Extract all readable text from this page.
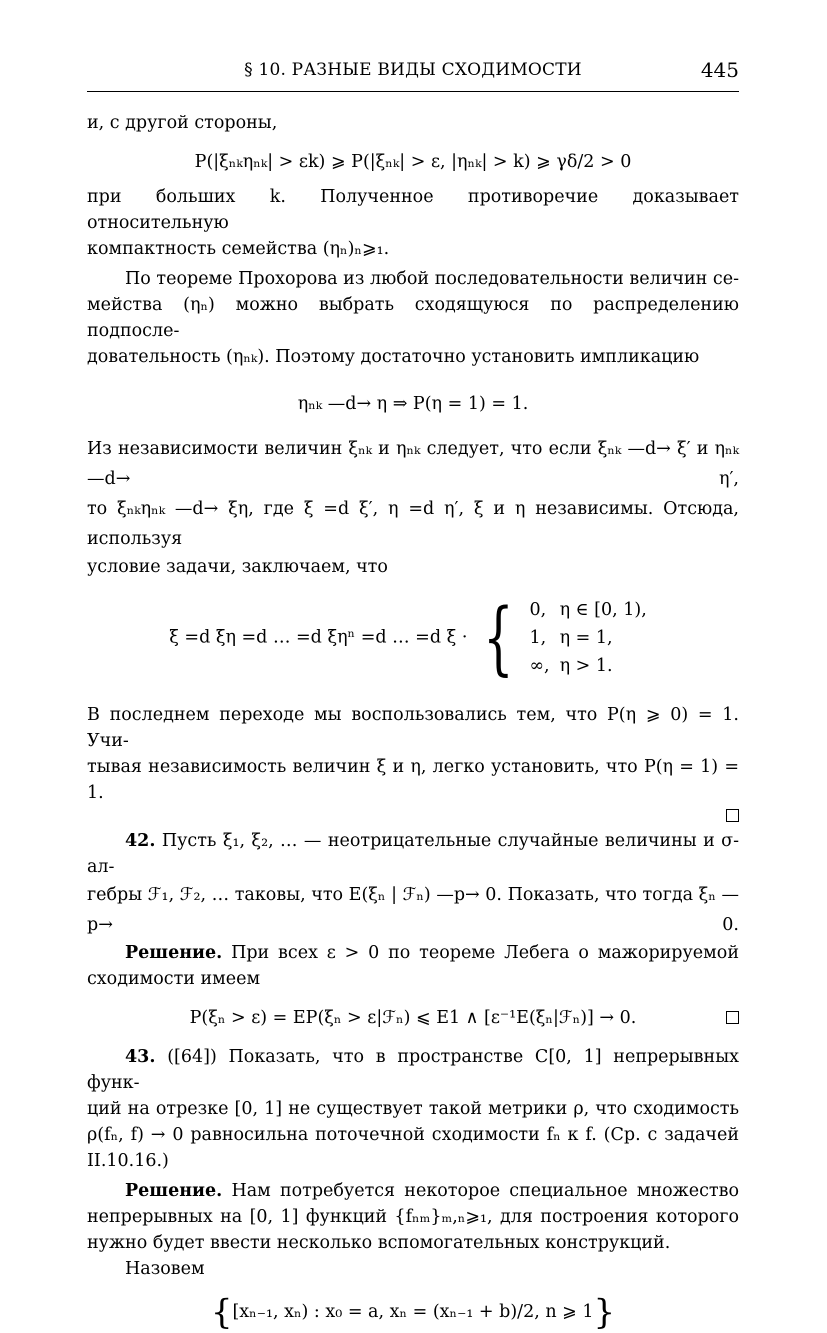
§ 10. РАЗНЫЕ ВИДЫ СХОДИМОСТИ	445

и, с другой стороны,

P(|ξₙₖηₙₖ| > εk) ⩾ P(|ξₙₖ| > ε, |ηₙₖ| > k) ⩾ γδ/2 > 0

при больших k. Полученное противоречие доказывает относительную

компактность семейства (ηₙ)ₙ⩾₁.

По теореме Прохорова из любой последовательности величин се-

мейства (ηₙ) можно выбрать сходящуюся по распределению подпосле-

довательность (ηₙₖ). Поэтому достаточно установить импликацию

ηₙₖ —d→ η ⇒ P(η = 1) = 1.

Из независимости величин ξₙₖ и ηₙₖ следует, что если ξₙₖ —d→ ξ′ и ηₙₖ —d→ η′,

то ξₙₖηₙₖ —d→ ξη, где ξ =d ξ′, η =d η′, ξ и η независимы. Отсюда, используя

условие задачи, заключаем, что

ξ =d ξη =d … =d ξηⁿ =d … =d ξ · { 0,	η ∈ [0, 1),
1,	η = 1,
∞,	η > 1.

В последнем переходе мы воспользовались тем, что P(η ⩾ 0) = 1. Учи-

тывая независимость величин ξ и η, легко установить, что P(η = 1) = 1.

42. Пусть ξ₁, ξ₂, … — неотрицательные случайные величины и σ-ал-

гебры ℱ₁, ℱ₂, … таковы, что E(ξₙ | ℱₙ) —p→ 0. Показать, что тогда ξₙ —p→ 0.

Решение. При всех ε > 0 по теореме Лебега о мажорируемой

сходимости имеем

P(ξₙ > ε) = EP(ξₙ > ε|ℱₙ) ⩽ E1 ∧ [ε⁻¹E(ξₙ|ℱₙ)] → 0.

43. ([64]) Показать, что в пространстве C[0, 1] непрерывных функ-

ций на отрезке [0, 1] не существует такой метрики ρ, что сходимость

ρ(fₙ, f) → 0 равносильна поточечной сходимости fₙ к f. (Ср. с задачей

II.10.16.)

Решение. Нам потребуется некоторое специальное множество

непрерывных на [0, 1] функций {fₙₘ}ₘ,ₙ⩾₁, для построения которого

нужно будет ввести несколько вспомогательных конструкций.

Назовем

{[xₙ₋₁, xₙ) : x₀ = a, xₙ = (xₙ₋₁ + b)/2, n ⩾ 1}
